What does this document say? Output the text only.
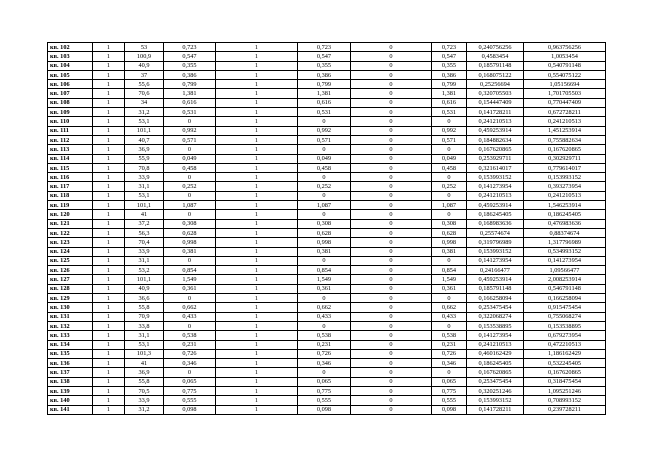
кв. 102	1	53	0,723	1	0,723	0	0,723	0,240756256	0,963756256
кв. 103	1	100,9	0,547	1	0,547	0	0,547	0,4583454	1,0053454
кв. 104	1	40,9	0,355	1	0,355	0	0,355	0,185791148	0,540791148
кв. 105	1	37	0,386	1	0,386	0	0,386	0,168075122	0,554075122
кв. 106	1	55,6	0,799	1	0,799	0	0,799	0,25256694	1,05156694
кв. 107	1	70,6	1,381	1	1,381	0	1,381	0,320705503	1,701705503
кв. 108	1	34	0,616	1	0,616	0	0,616	0,154447409	0,770447409
кв. 109	1	31,2	0,531	1	0,531	0	0,531	0,141728211	0,672728211
кв. 110	1	53,1	0	1	0	0	0	0,241210513	0,241210513
кв. 111	1	101,1	0,992	1	0,992	0	0,992	0,459253914	1,451253914
кв. 112	1	40,7	0,571	1	0,571	0	0,571	0,184882634	0,755882634
кв. 113	1	36,9	0	1	0	0	0	0,167620865	0,167620865
кв. 114	1	55,9	0,049	1	0,049	0	0,049	0,253929711	0,302929711
кв. 115	1	70,8	0,458	1	0,458	0	0,458	0,321614017	0,779614017
кв. 116	1	33,9	0	1	0	0	0	0,153993152	0,153993152
кв. 117	1	31,1	0,252	1	0,252	0	0,252	0,141273954	0,393273954
кв. 118	1	53,1	0	1	0	0	0	0,241210513	0,241210513
кв. 119	1	101,1	1,087	1	1,087	0	1,087	0,459253914	1,546253914
кв. 120	1	41	0	1	0	0	0	0,186245405	0,186245405
кв. 121	1	37,2	0,308	1	0,308	0	0,308	0,168983636	0,476983636
кв. 122	1	56,3	0,628	1	0,628	0	0,628	0,25574674	0,88374674
кв. 123	1	70,4	0,998	1	0,998	0	0,998	0,319796989	1,317796989
кв. 124	1	33,9	0,381	1	0,381	0	0,381	0,153993152	0,534993152
кв. 125	1	31,1	0	1	0	0	0	0,141273954	0,141273954
кв. 126	1	53,2	0,854	1	0,854	0	0,854	0,24166477	1,09566477
кв. 127	1	101,1	1,549	1	1,549	0	1,549	0,459253914	2,008253914
кв. 128	1	40,9	0,361	1	0,361	0	0,361	0,185791148	0,546791148
кв. 129	1	36,6	0	1	0	0	0	0,166258094	0,166258094
кв. 130	1	55,8	0,662	1	0,662	0	0,662	0,253475454	0,915475454
кв. 131	1	70,9	0,433	1	0,433	0	0,433	0,322068274	0,755068274
кв. 132	1	33,8	0	1	0	0	0	0,153538895	0,153538895
кв. 133	1	31,1	0,538	1	0,538	0	0,538	0,141273954	0,679273954
кв. 134	1	53,1	0,231	1	0,231	0	0,231	0,241210513	0,472210513
кв. 135	1	101,3	0,726	1	0,726	0	0,726	0,460162429	1,186162429
кв. 136	1	41	0,346	1	0,346	0	0,346	0,186245405	0,532245405
кв. 137	1	36,9	0	1	0	0	0	0,167620865	0,167620865
кв. 138	1	55,8	0,065	1	0,065	0	0,065	0,253475454	0,318475454
кв. 139	1	70,5	0,775	1	0,775	0	0,775	0,320251246	1,095251246
кв. 140	1	33,9	0,555	1	0,555	0	0,555	0,153993152	0,708993152
кв. 141	1	31,2	0,098	1	0,098	0	0,098	0,141728211	0,239728211
